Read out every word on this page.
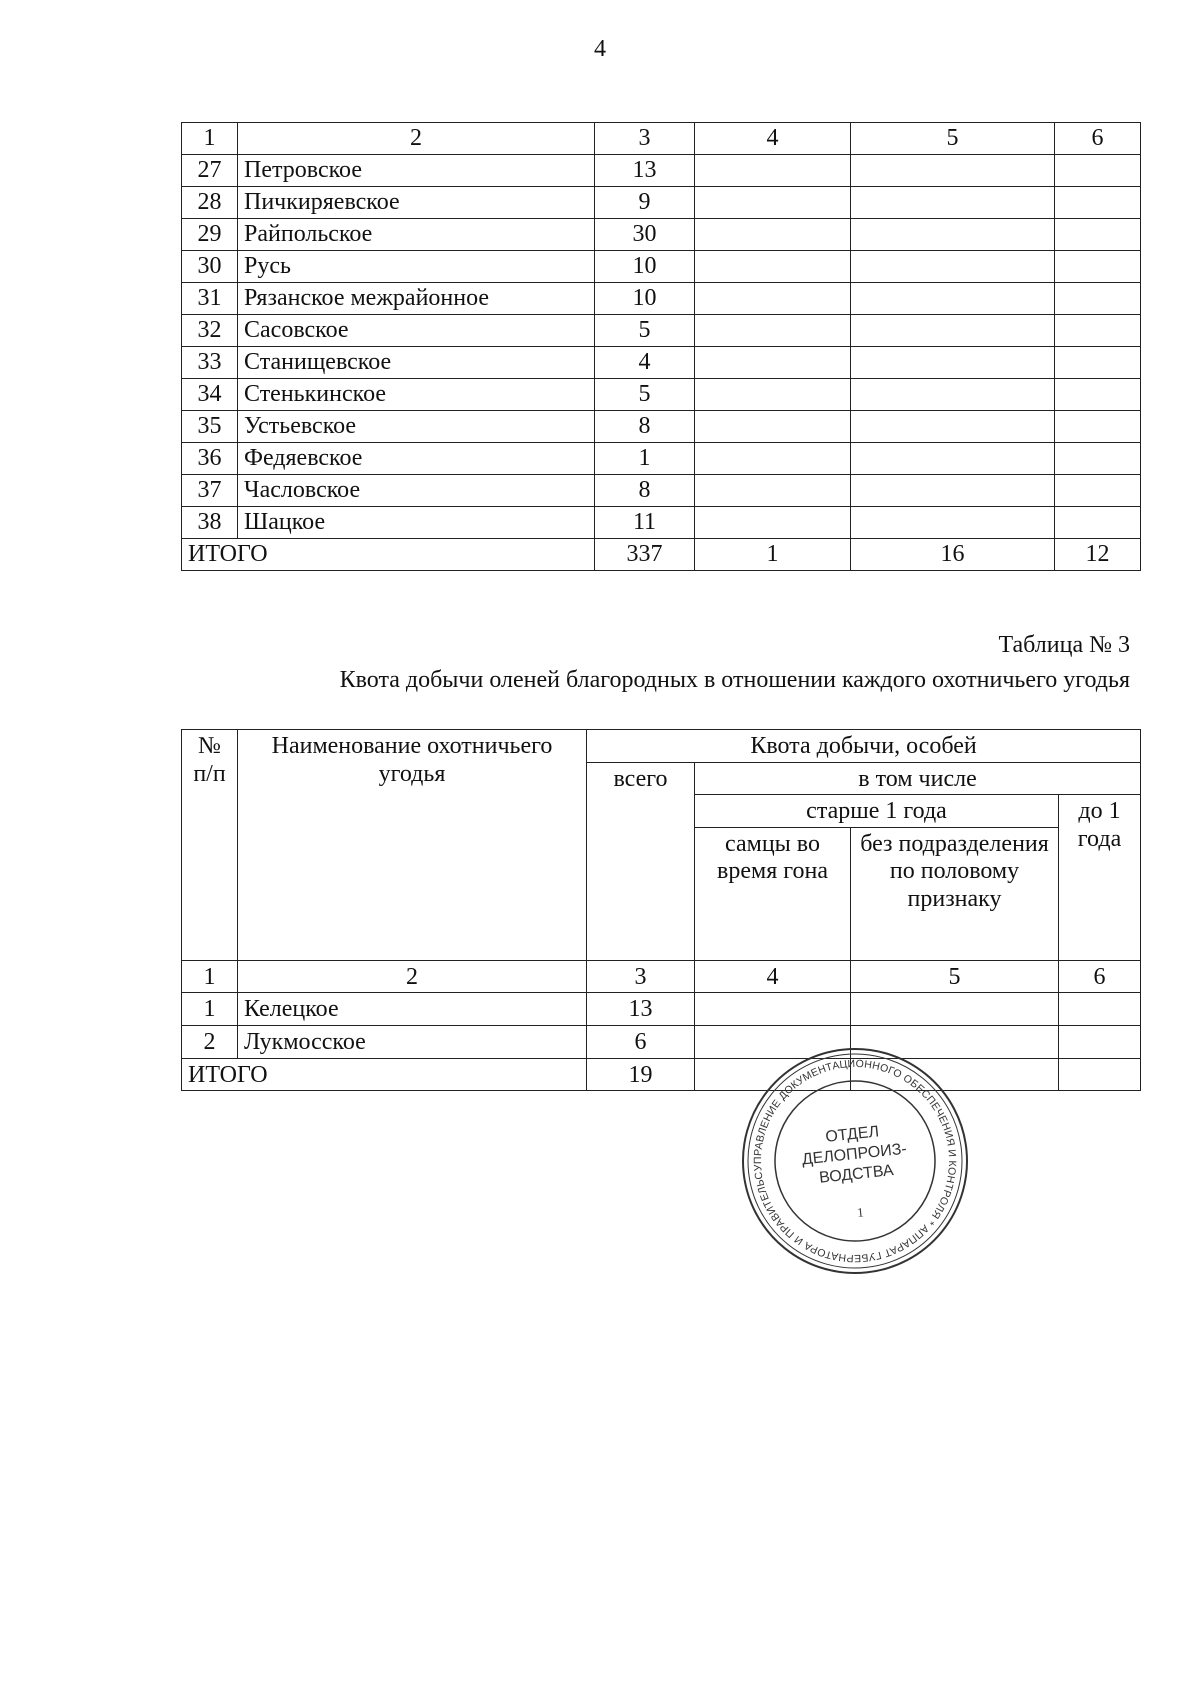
4
1	2	3	4	5	6
27	Петровское	13			
28	Пичкиряевское	9			
29	Райпольское	30			
30	Русь	10			
31	Рязанское межрайонное	10			
32	Сасовское	5			
33	Станищевское	4			
34	Стенькинское	5			
35	Устьевское	8			
36	Федяевское	1			
37	Часловское	8			
38	Шацкое	11			
ИТОГО		337	1	16	12
Таблица № 3
Квота добычи оленей благородных в отношении каждого охотничьего угодья
№ п/п	Наименование охотничьего угодья	Квота добычи, особей			
		всего	в том числе		
			старше 1 года		до 1 года
			самцы во время гона	без подразделения по половому признаку	
1	2	3	4	5	6
1	Келецкое	13			
2	Лукмосское	6			
ИТОГО		19			
УПРАВЛЕНИЕ ДОКУМЕНТАЦИОННОГО ОБЕСПЕЧЕНИЯ И КОНТРОЛЯ * АППАРАТ ГУБЕРНАТОРА И ПРАВИТЕЛЬСТВА
ОТДЕЛ
ДЕЛОПРОИЗ-
ВОДСТВА
1
